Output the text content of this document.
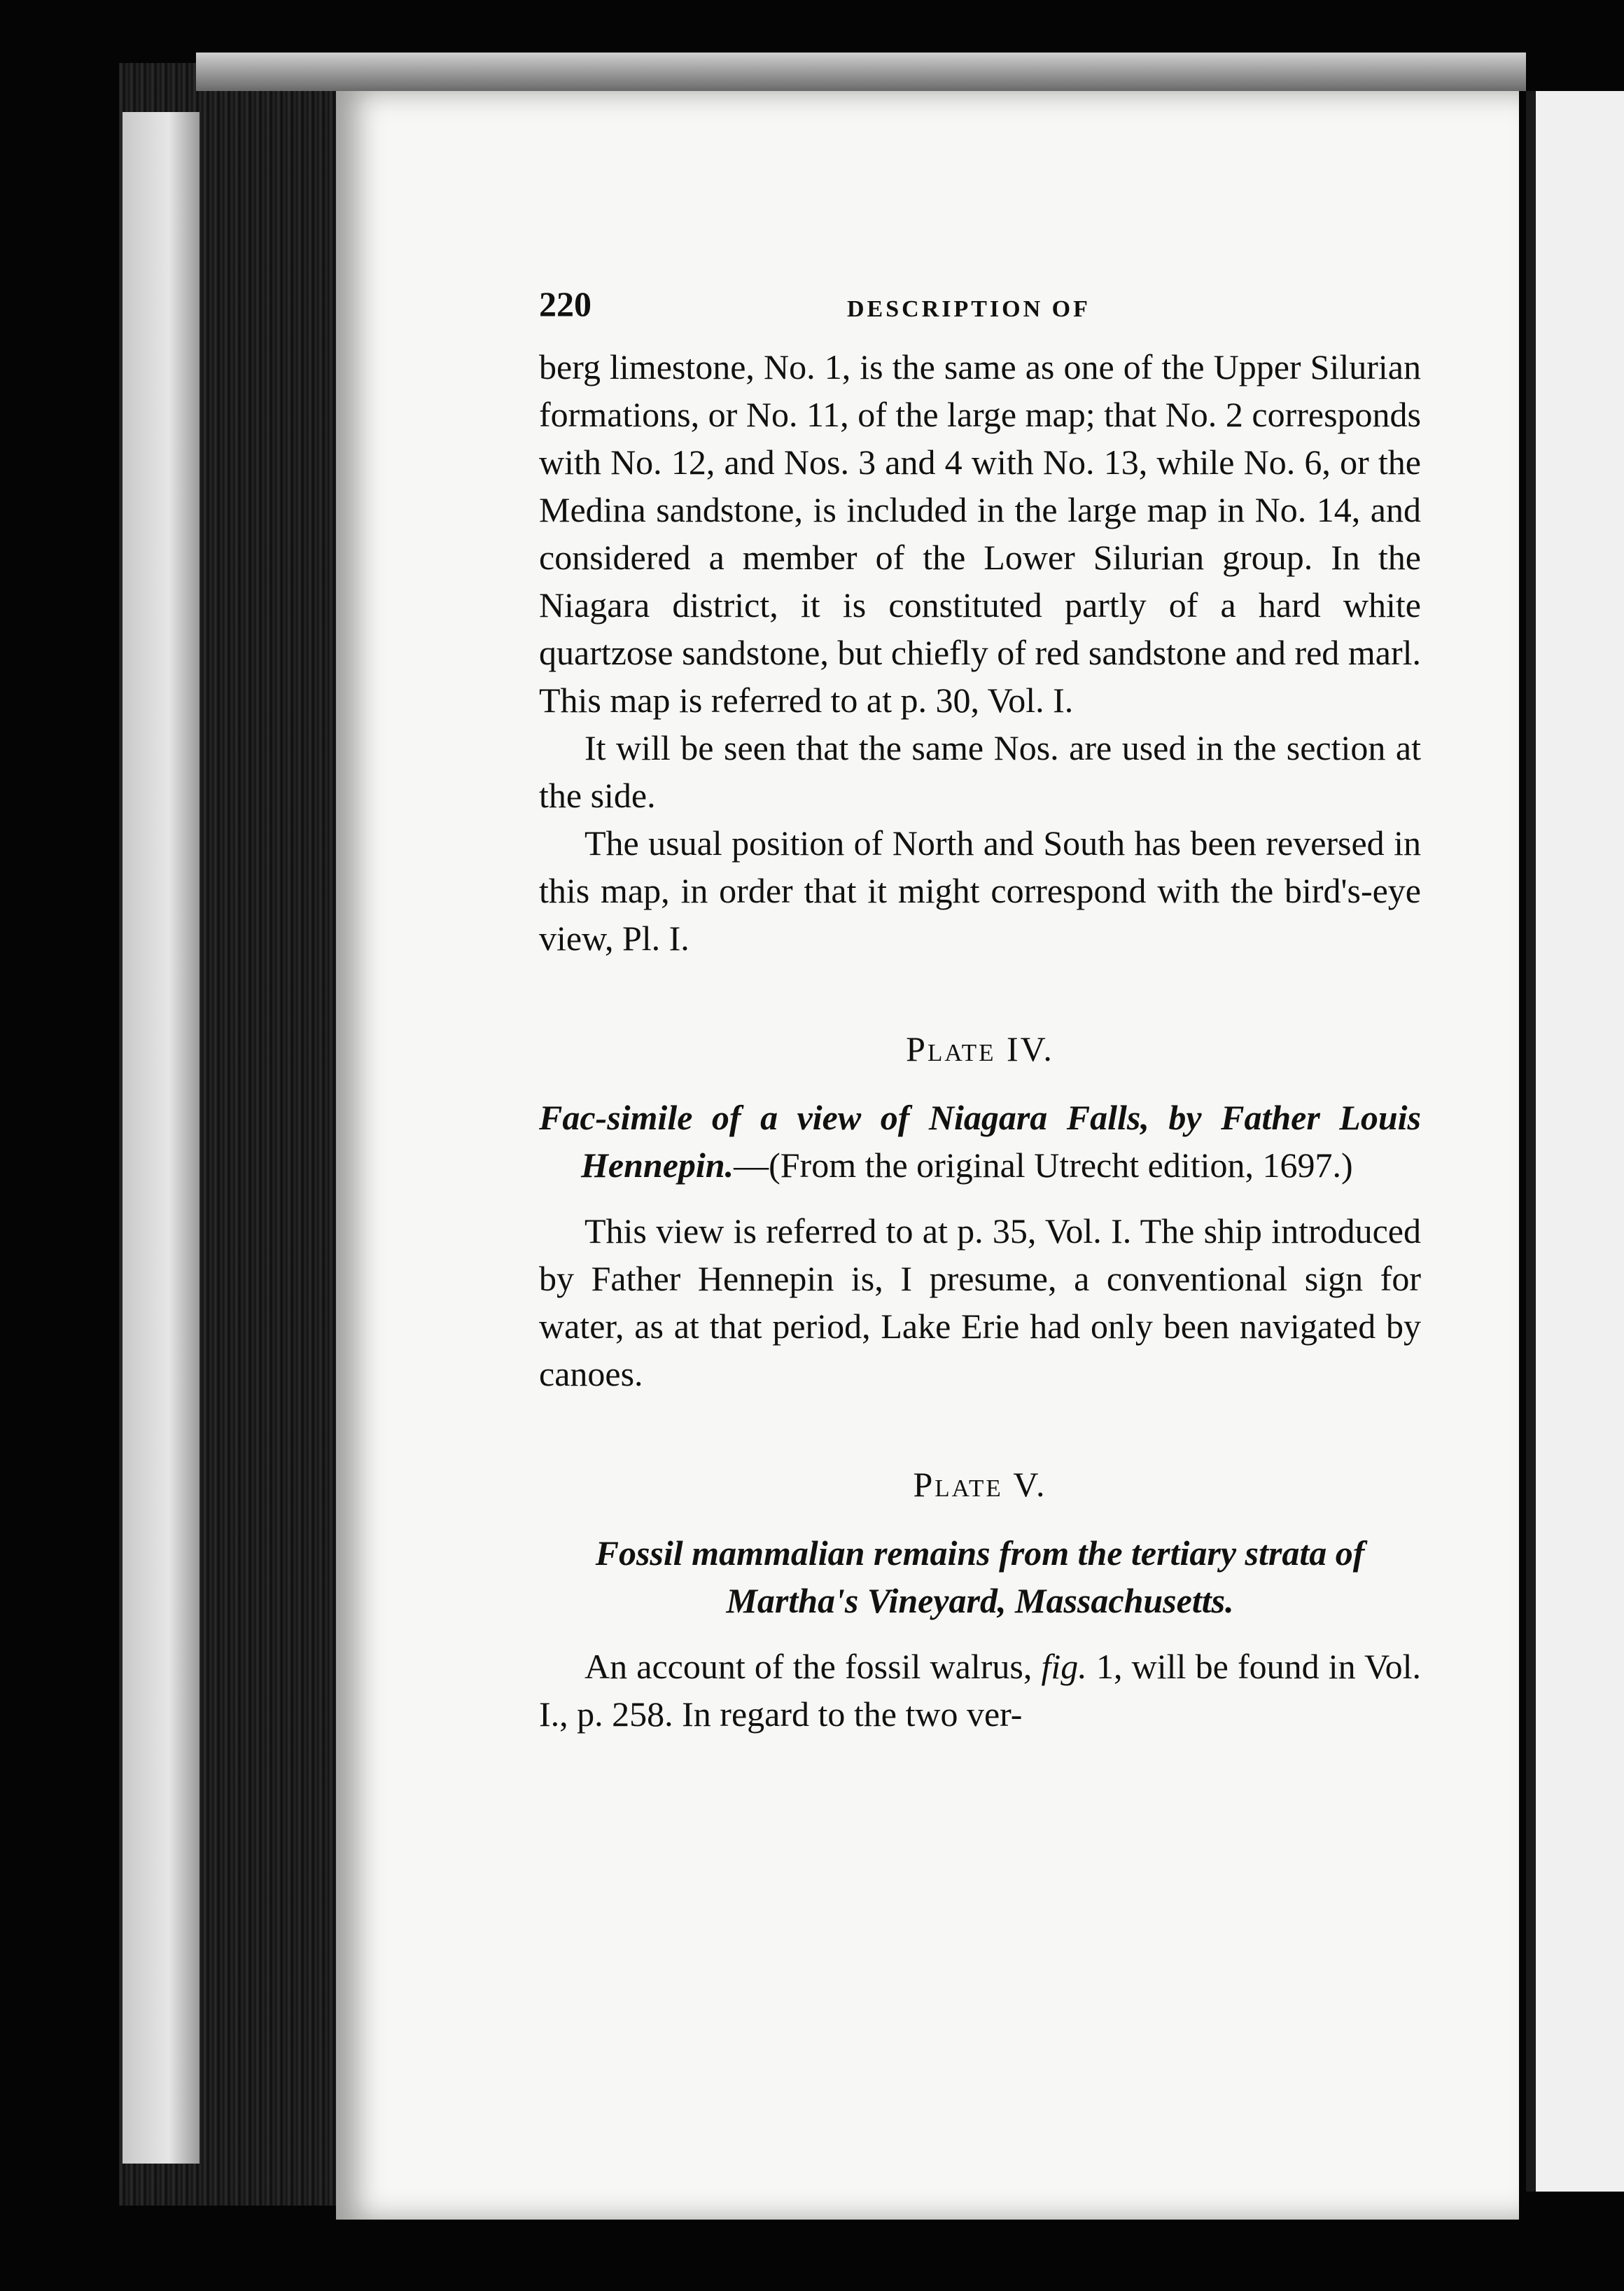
220	DESCRIPTION OF

berg limestone, No. 1, is the same as one of the Upper Silurian formations, or No. 11, of the large map; that No. 2 corresponds with No. 12, and Nos. 3 and 4 with No. 13, while No. 6, or the Medina sandstone, is included in the large map in No. 14, and considered a member of the Lower Silurian group. In the Niagara district, it is constituted partly of a hard white quartzose sandstone, but chiefly of red sandstone and red marl. This map is referred to at p. 30, Vol. I.

It will be seen that the same Nos. are used in the section at the side.

The usual position of North and South has been reversed in this map, in order that it might correspond with the bird's-eye view, Pl. I.

Plate IV.

Fac-simile of a view of Niagara Falls, by Father Louis Hennepin.—(From the original Utrecht edition, 1697.)

This view is referred to at p. 35, Vol. I. The ship introduced by Father Hennepin is, I presume, a conventional sign for water, as at that period, Lake Erie had only been navigated by canoes.

Plate V.

Fossil mammalian remains from the tertiary strata of Martha's Vineyard, Massachusetts.

An account of the fossil walrus, fig. 1, will be found in Vol. I., p. 258. In regard to the two ver-
